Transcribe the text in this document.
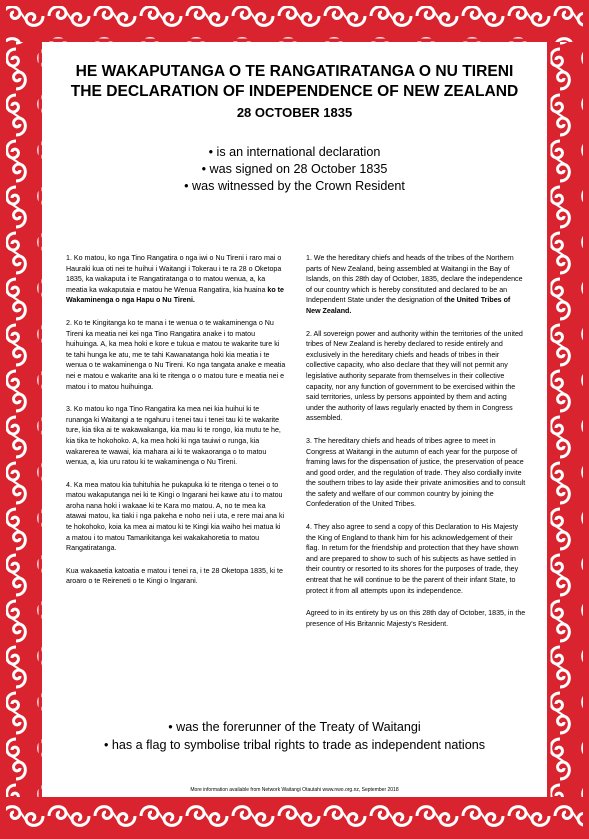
HE WAKAPUTANGA O TE RANGATIRATANGA O NU TIRENI
THE DECLARATION OF INDEPENDENCE OF NEW ZEALAND
28 OCTOBER 1835
• is an international declaration
• was signed on 28 October 1835
• was witnessed by the Crown Resident

1. Ko matou, ko nga Tino Rangatira o nga iwi o Nu Tireni i raro mai o Hauraki kua oti nei te huihui i Waitangi i Tokerau i te ra 28 o Oketopa 1835, ka wakaputa i te Rangatiratanga o to matou wenua, a, ka meatia ka wakaputaia e matou he Wenua Rangatira, kia huaina ko te Wakaminenga o nga Hapu o Nu Tireni.

2. Ko te Kingitanga ko te mana i te wenua o te wakaminenga o Nu Tireni ka meatia nei kei nga Tino Rangatira anake i to matou huihuinga. A, ka mea hoki e kore e tukua e matou te wakarite ture ki te tahi hunga ke atu, me te tahi Kawanatanga hoki kia meatia i te wenua o te wakaminenga o Nu Tireni. Ko nga tangata anake e meatia nei e matou e wakarite ana ki te ritenga o o matou ture e meatia nei e matou i to matou huihuinga.

3. Ko matou ko nga Tino Rangatira ka mea nei kia huihui ki te runanga ki Waitangi a te ngahuru i tenei tau i tenei tau ki te wakarite ture, kia tika ai te wakawakanga, kia mau ki te rongo, kia mutu te he, kia tika te hokohoko. A, ka mea hoki ki nga tauiwi o runga, kia wakarerea te wawai, kia mahara ai ki te wakaoranga o to matou wenua, a, kia uru ratou ki te wakaminenga o Nu Tireni.

4. Ka mea matou kia tuhituhia he pukapuka ki te ritenga o tenei o to matou wakaputanga nei ki te Kingi o Ingarani hei kawe atu i to matou aroha nana hoki i wakaae ki te Kara mo matou. A, no te mea ka atawai matou, ka tiaki i nga pakeha e noho nei i uta, e rere mai ana ki te hokohoko, koia ka mea ai matou ki te Kingi kia waiho hei matua ki a matou i to matou Tamarikitanga kei wakakahoretia to matou Rangatiratanga.

Kua wakaaetia katoatia e matou i tenei ra, i te 28 Oketopa 1835, ki te aroaro o te Reireneti o te Kingi o Ingarani.

1. We the hereditary chiefs and heads of the tribes of the Northern parts of New Zealand, being assembled at Waitangi in the Bay of Islands, on this 28th day of October, 1835, declare the independence of our country which is hereby constituted and declared to be an Independent State under the designation of the United Tribes of New Zealand.

2. All sovereign power and authority within the territories of the united tribes of New Zealand is hereby declared to reside entirely and exclusively in the hereditary chiefs and heads of tribes in their collective capacity, who also declare that they will not permit any legislative authority separate from themselves in their collective capacity, nor any function of government to be exercised within the said territories, unless by persons appointed by them and acting under the authority of laws regularly enacted by them in Congress assembled.

3. The hereditary chiefs and heads of tribes agree to meet in Congress at Waitangi in the autumn of each year for the purpose of framing laws for the dispensation of justice, the preservation of peace and good order, and the regulation of trade. They also cordially invite the southern tribes to lay aside their private animosities and to consult the safety and welfare of our common country by joining the Confederation of the United Tribes.

4. They also agree to send a copy of this Declaration to His Majesty the King of England to thank him for his acknowledgement of their flag. In return for the friendship and protection that they have shown and are prepared to show to such of his subjects as have settled in their country or resorted to its shores for the purposes of trade, they entreat that he will continue to be the parent of their infant State, to protect it from all attempts upon its independence.

Agreed to in its entirety by us on this 28th day of October, 1835, in the presence of His Britannic Majesty's Resident.

• was the forerunner of the Treaty of Waitangi
• has a flag to symbolise tribal rights to trade as independent nations
More information available from Network Waitangi Otautahi www.nwo.org.nz, September 2018
